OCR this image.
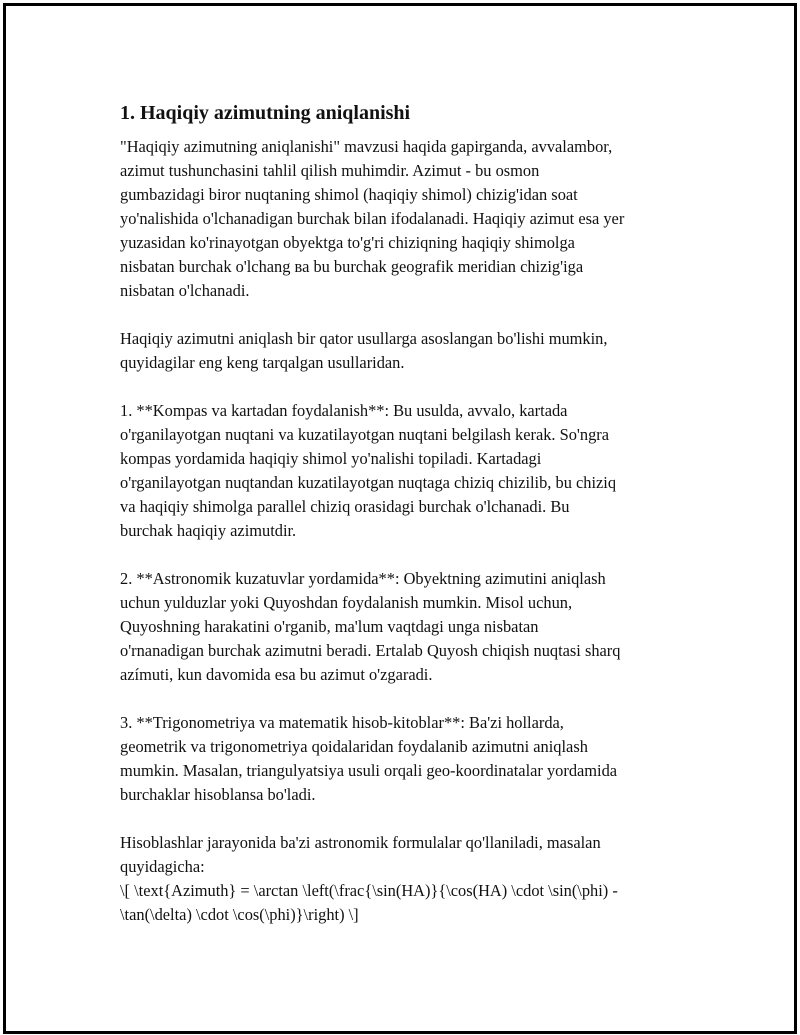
1. Haqiqiy azimutning aniqlanishi

"Haqiqiy azimutning aniqlanishi" mavzusi haqida gapirganda, avvalambor,
azimut tushunchasini tahlil qilish muhimdir. Azimut - bu osmon
gumbazidagi biror nuqtaning shimol (haqiqiy shimol) chizig'idan soat
yo'nalishida o'lchanadigan burchak bilan ifodalanadi. Haqiqiy azimut esa yer
yuzasidan ko'rinayotgan obyektga to'g'ri chiziqning haqiqiy shimolga
nisbatan burchak o'lchang ва bu burchak geografik meridian chizig'iga
nisbatan o'lchanadi.

Haqiqiy azimutni aniqlash bir qator usullarga asoslangan bo'lishi mumkin,
quyidagilar eng keng tarqalgan usullaridan.

1. **Kompas va kartadan foydalanish**: Bu usulda, avvalo, kartada
o'rganilayotgan nuqtani va kuzatilayotgan nuqtani belgilash kerak. So'ngra
kompas yordamida haqiqiy shimol yo'nalishi topiladi. Kartadagi
o'rganilayotgan nuqtandan kuzatilayotgan nuqtaga chiziq chizilib, bu chiziq
va haqiqiy shimolga parallel chiziq orasidagi burchak o'lchanadi. Bu
burchak haqiqiy azimutdir.

2. **Astronomik kuzatuvlar yordamida**: Obyektning azimutini aniqlash
uchun yulduzlar yoki Quyoshdan foydalanish mumkin. Misol uchun,
Quyoshning harakatini o'rganib, ma'lum vaqtdagi unga nisbatan
o'rnanadigan burchak azimutni beradi. Ertalab Quyosh chiqish nuqtasi sharq
azímuti, kun davomida esa bu azimut o'zgaradi.

3. **Trigonometriya va matematik hisob-kitoblar**: Ba'zi hollarda,
geometrik va trigonometriya qoidalaridan foydalanib azimutni aniqlash
mumkin. Masalan, triangulyatsiya usuli orqali geo-koordinatalar yordamida
burchaklar hisoblansa bo'ladi.

Hisoblashlar jarayonida ba'zi astronomik formulalar qo'llaniladi, masalan
quyidagicha:
\[ \text{Azimuth} = \arctan \left(\frac{\sin(HA)}{\cos(HA) \cdot \sin(\phi) -
\tan(\delta) \cdot \cos(\phi)}\right) \]
